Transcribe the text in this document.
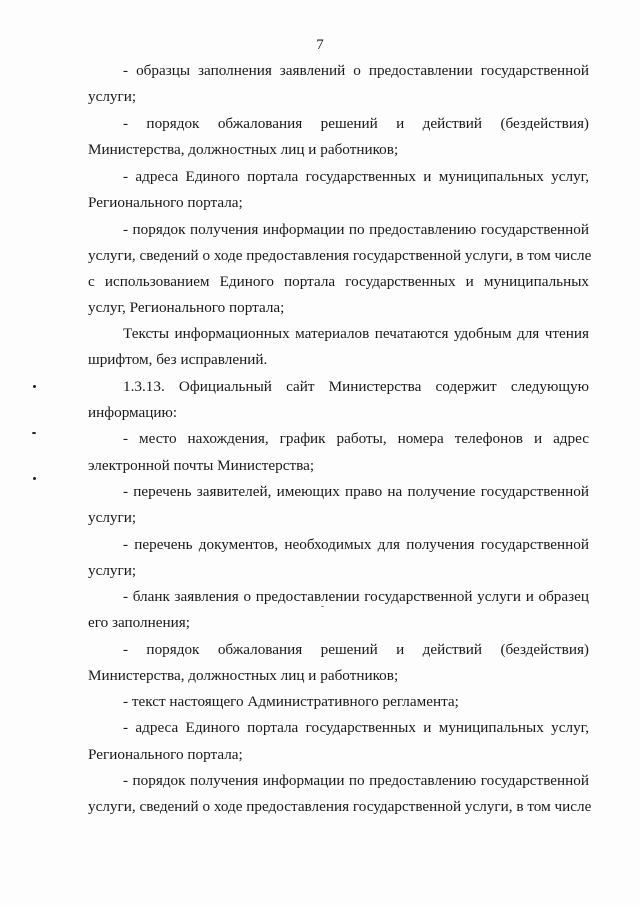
7
- образцы заполнения заявлений о предоставлении государственной
услуги;
- порядок обжалования решений и действий (бездействия)
Министерства, должностных лиц и работников;
- адреса Единого портала государственных и муниципальных услуг,
Регионального портала;
- порядок получения информации по предоставлению государственной
услуги, сведений о ходе предоставления государственной услуги, в том числе
с использованием Единого портала государственных и муниципальных
услуг, Регионального портала;
Тексты информационных материалов печатаются удобным для чтения
шрифтом, без исправлений.
1.3.13. Официальный сайт Министерства содержит следующую
информацию:
- место нахождения, график работы, номера телефонов и адрес
электронной почты Министерства;
- перечень заявителей, имеющих право на получение государственной
услуги;
- перечень документов, необходимых для получения государственной
услуги;
- бланк заявления о предоставлении государственной услуги и образец
его заполнения;
- порядок обжалования решений и действий (бездействия)
Министерства, должностных лиц и работников;
- текст настоящего Административного регламента;
- адреса Единого портала государственных и муниципальных услуг,
Регионального портала;
- порядок получения информации по предоставлению государственной
услуги, сведений о ходе предоставления государственной услуги, в том числе
